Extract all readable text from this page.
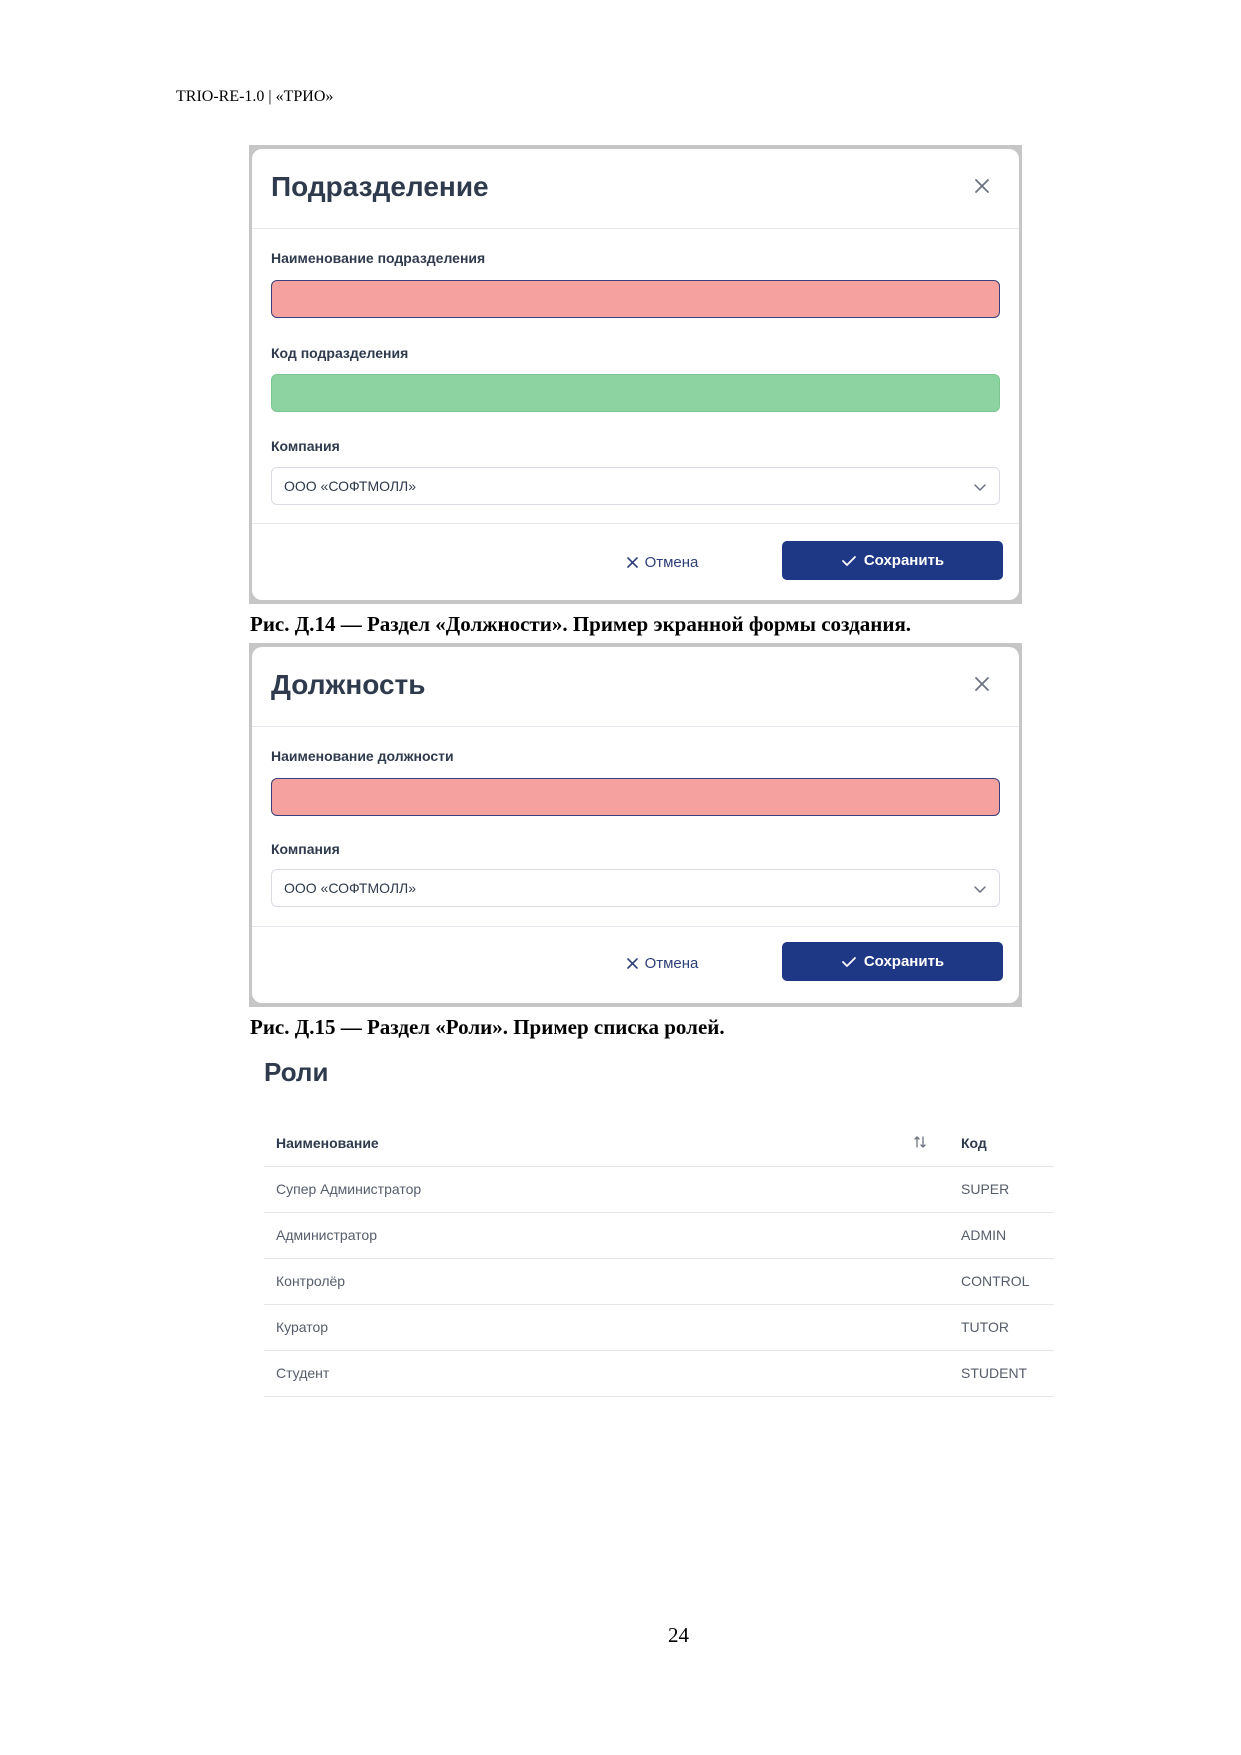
TRIO-RE-1.0 | «ТРИО»
Подразделение
Наименование подразделения
Код подразделения
Компания
ООО «СОФТМОЛЛ»
Отмена	Сохранить
Рис. Д.14 — Раздел «Должности». Пример экранной формы создания.
Должность
Наименование должности
Компания
ООО «СОФТМОЛЛ»
Отмена	Сохранить
Рис. Д.15 — Раздел «Роли». Пример списка ролей.
Роли
Наименование	Код
Супер Администратор	SUPER
Администратор	ADMIN
Контролёр	CONTROL
Куратор	TUTOR
Студент	STUDENT
24
